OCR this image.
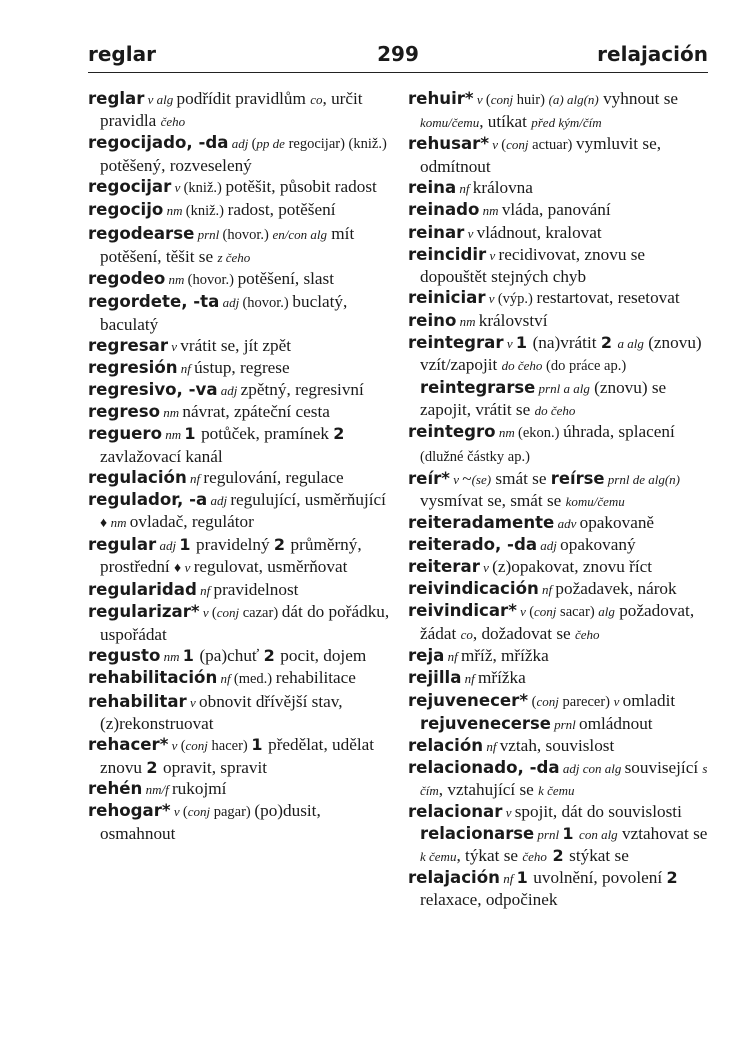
reglar	299	relajación

reglar v alg podřídit pravidlům co, určit pravidla čeho

regocijado, -da adj (pp de regocijar) (kniž.) potěšený, rozveselený

regocijar v (kniž.) potěšit, působit radost

regocijo nm (kniž.) radost, potěšení

regodearse prnl (hovor.) en/con alg mít potěšení, těšit se z čeho

regodeo nm (hovor.) potěšení, slast

regordete, -ta adj (hovor.) buclatý, baculatý

regresar v vrátit se, jít zpět

regresión nf ústup, regrese

regresivo, -va adj zpětný, regresivní

regreso nm návrat, zpáteční cesta

reguero nm 1 potůček, pramínek 2 zavlažovací kanál

regulación nf regulování, regulace

regulador, -a adj regulující, usměrňující ♦ nm ovladač, regulátor

regular adj 1 pravidelný 2 průměrný, prostřední ♦ v regulovat, usměrňovat

regularidad nf pravidelnost

regularizar* v (conj cazar) dát do pořádku, uspořádat

regusto nm 1 (pa)chuť 2 pocit, dojem

rehabilitación nf (med.) rehabilitace

rehabilitar v obnovit dřívější stav, (z)rekonstruovat

rehacer* v (conj hacer) 1 předělat, udělat znovu 2 opravit, spravit

rehén nm/f rukojmí

rehogar* v (conj pagar) (po)dusit, osmahnout

rehuir* v (conj huir) (a) alg(n) vyhnout se komu/čemu, utíkat před kým/čím

rehusar* v (conj actuar) vymluvit se, odmítnout

reina nf královna

reinado nm vláda, panování

reinar v vládnout, kralovat

reincidir v recidivovat, znovu se dopouštět stejných chyb

reiniciar v (výp.) restartovat, resetovat

reino nm království

reintegrar v 1 (na)vrátit 2 a alg (znovu) vzít/zapojit do čeho (do práce ap.) reintegrarse prnl a alg (znovu) se zapojit, vrátit se do čeho

reintegro nm (ekon.) úhrada, splacení (dlužné částky ap.)

reír* v ~(se) smát se reírse prnl de alg(n) vysmívat se, smát se komu/čemu

reiteradamente adv opakovaně

reiterado, -da adj opakovaný

reiterar v (z)opakovat, znovu říct

reivindicación nf požadavek, nárok

reivindicar* v (conj sacar) alg požadovat, žádat co, dožadovat se čeho

reja nf mříž, mřížka

rejilla nf mřížka

rejuvenecer* (conj parecer) v omladit rejuvenecerse prnl omládnout

relación nf vztah, souvislost

relacionado, -da adj con alg související s čím, vztahující se k čemu

relacionar v spojit, dát do souvislosti relacionarse prnl 1 con alg vztahovat se k čemu, týkat se čeho 2 stýkat se

relajación nf 1 uvolnění, povolení 2 relaxace, odpočinek
